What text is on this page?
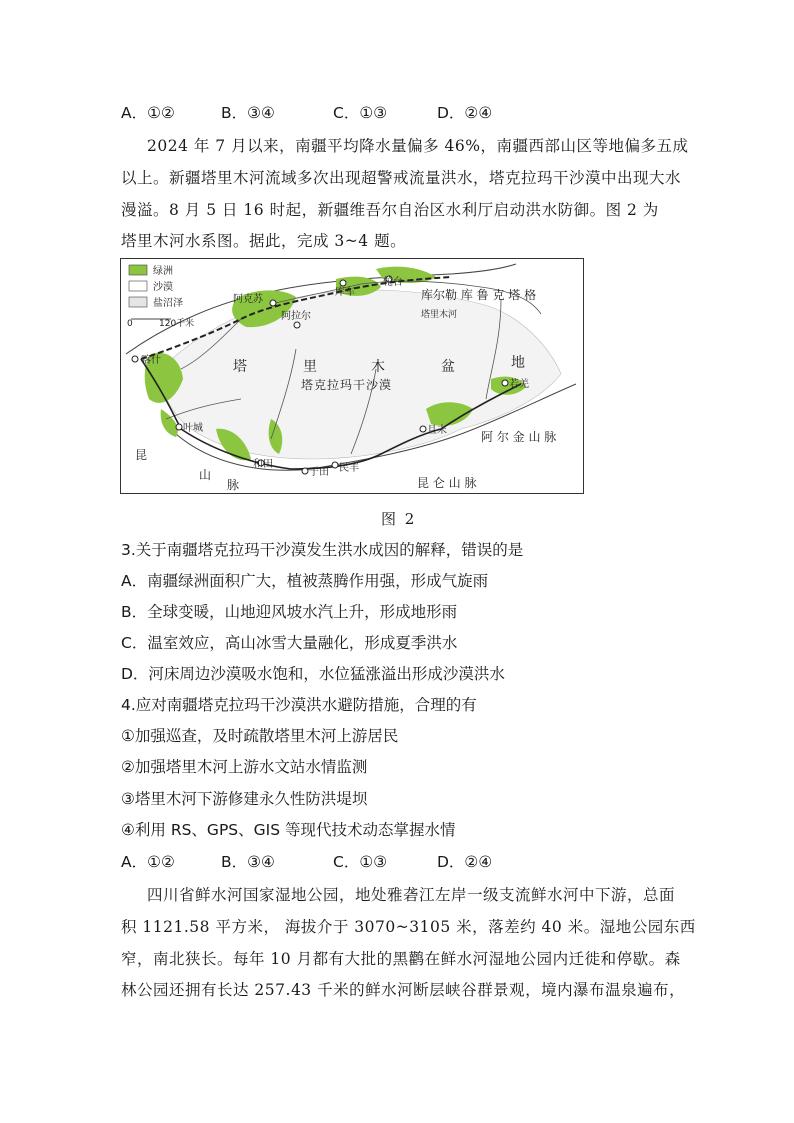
A．①②	B．③④	C．①③	D．②④
2024 年 7 月以来，南疆平均降水量偏多 46%，南疆西部山区等地偏多五成
以上。新疆塔里木河流域多次出现超警戒流量洪水，塔克拉玛干沙漠中出现大水
漫溢。8 月 5 日 16 时起，新疆维吾尔自治区水利厅启动洪水防御。图 2 为
塔里木河水系图。据此，完成 3~4 题。
绿洲
沙漠
盐沼泽
0	120千米
阿克苏
阿拉尔
库车
轮台
喀什
叶城
和田
于田 民丰
且末
若羌
塔里木河
塔	里	木	盆	地
塔克拉玛干沙漠
库尔勒 库 鲁 克 塔 格
阿 尔 金 山 脉
昆 仑 山 脉
昆
山
脉
图 2
3.关于南疆塔克拉玛干沙漠发生洪水成因的解释，错误的是
A．南疆绿洲面积广大，植被蒸腾作用强，形成气旋雨
B．全球变暖，山地迎风坡水汽上升，形成地形雨
C．温室效应，高山冰雪大量融化，形成夏季洪水
D．河床周边沙漠吸水饱和，水位猛涨溢出形成沙漠洪水
4.应对南疆塔克拉玛干沙漠洪水避防措施，合理的有
①加强巡查，及时疏散塔里木河上游居民
②加强塔里木河上游水文站水情监测
③塔里木河下游修建永久性防洪堤坝
④利用 RS、GPS、GIS 等现代技术动态掌握水情
A．①②	B．③④	C．①③	D．②④
四川省鲜水河国家湿地公园，地处雅砻江左岸一级支流鲜水河中下游，总面
积 1121.58 平方米， 海拔介于 3070~3105 米，落差约 40 米。湿地公园东西
窄，南北狭长。每年 10 月都有大批的黑鹳在鲜水河湿地公园内迁徙和停歇。森
林公园还拥有长达 257.43 千米的鲜水河断层峡谷群景观，境内瀑布温泉遍布，
